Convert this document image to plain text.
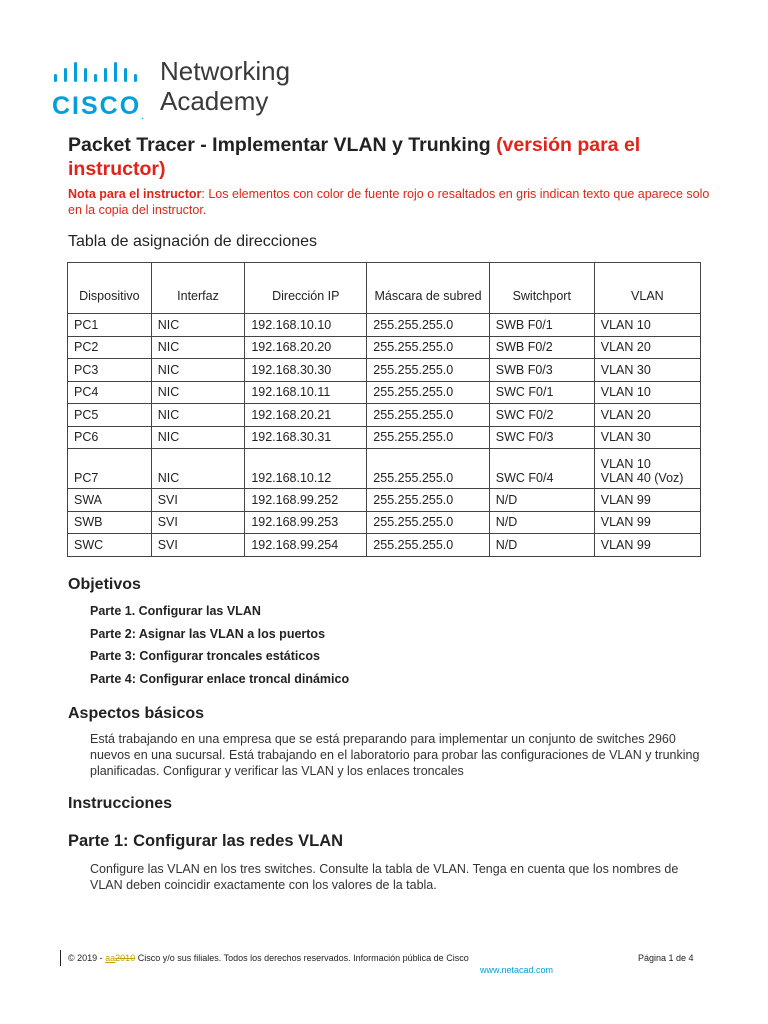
CISCO.
Networking
Academy
Packet Tracer - Implementar VLAN y Trunking (versión para el instructor)
Nota para el instructor: Los elementos con color de fuente rojo o resaltados en gris indican texto que aparece solo en la copia del instructor.
Tabla de asignación de direcciones
Dispositivo	Interfaz	Dirección IP	Máscara de subred	Switchport	VLAN
PC1	NIC	192.168.10.10	255.255.255.0	SWB F0/1	VLAN 10
PC2	NIC	192.168.20.20	255.255.255.0	SWB F0/2	VLAN 20
PC3	NIC	192.168.30.30	255.255.255.0	SWB F0/3	VLAN 30
PC4	NIC	192.168.10.11	255.255.255.0	SWC F0/1	VLAN 10
PC5	NIC	192.168.20.21	255.255.255.0	SWC F0/2	VLAN 20
PC6	NIC	192.168.30.31	255.255.255.0	SWC F0/3	VLAN 30
PC7	NIC	192.168.10.12	255.255.255.0	SWC F0/4	VLAN 10
VLAN 40 (Voz)

SWA	SVI	192.168.99.252	255.255.255.0	N/D	VLAN 99
SWB	SVI	192.168.99.253	255.255.255.0	N/D	VLAN 99
SWC	SVI	192.168.99.254	255.255.255.0	N/D	VLAN 99
Objetivos
Parte 1. Configurar las VLAN
Parte 2: Asignar las VLAN a los puertos
Parte 3: Configurar troncales estáticos
Parte 4: Configurar enlace troncal dinámico
Aspectos básicos
Está trabajando en una empresa que se está preparando para implementar un conjunto de switches 2960 nuevos en una sucursal. Está trabajando en el laboratorio para probar las configuraciones de VLAN y trunking planificadas. Configurar y verificar las VLAN y los enlaces troncales
Instrucciones
Parte 1: Configurar las redes VLAN
Configure las VLAN en los tres switches. Consulte la tabla de VLAN. Tenga en cuenta que los nombres de VLAN deben coincidir exactamente con los valores de la tabla.
© 2019 - aa2010 Cisco y/o sus filiales. Todos los derechos reservados. Información pública de Cisco	Página 1 de 4
www.netacad.com
